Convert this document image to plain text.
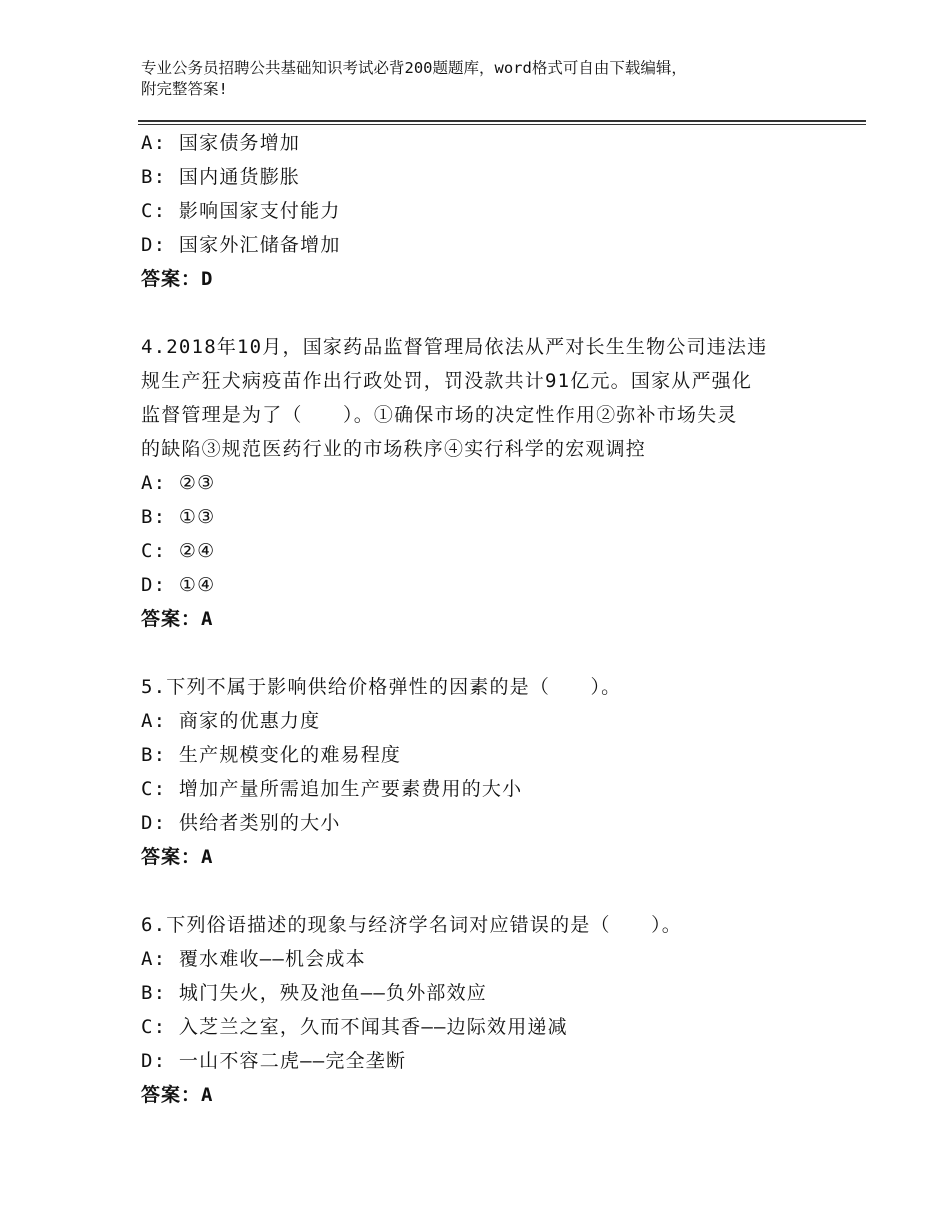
专业公务员招聘公共基础知识考试必背200题题库，word格式可自由下载编辑，
附完整答案!
A: 国家债务增加
B: 国内通货膨胀
C: 影响国家支付能力
D: 国家外汇储备增加
答案：D
4.2018年10月，国家药品监督管理局依法从严对长生生物公司违法违
规生产狂犬病疫苗作出行政处罚，罚没款共计91亿元。国家从严强化
监督管理是为了（　　）。①确保市场的决定性作用②弥补市场失灵
的缺陷③规范医药行业的市场秩序④实行科学的宏观调控
A: ②③
B: ①③
C: ②④
D: ①④
答案：A
5.下列不属于影响供给价格弹性的因素的是（　　）。
A: 商家的优惠力度
B: 生产规模变化的难易程度
C: 增加产量所需追加生产要素费用的大小
D: 供给者类别的大小
答案：A
6.下列俗语描述的现象与经济学名词对应错误的是（　　）。
A: 覆水难收——机会成本
B: 城门失火，殃及池鱼——负外部效应
C: 入芝兰之室，久而不闻其香——边际效用递减
D: 一山不容二虎——完全垄断
答案：A
